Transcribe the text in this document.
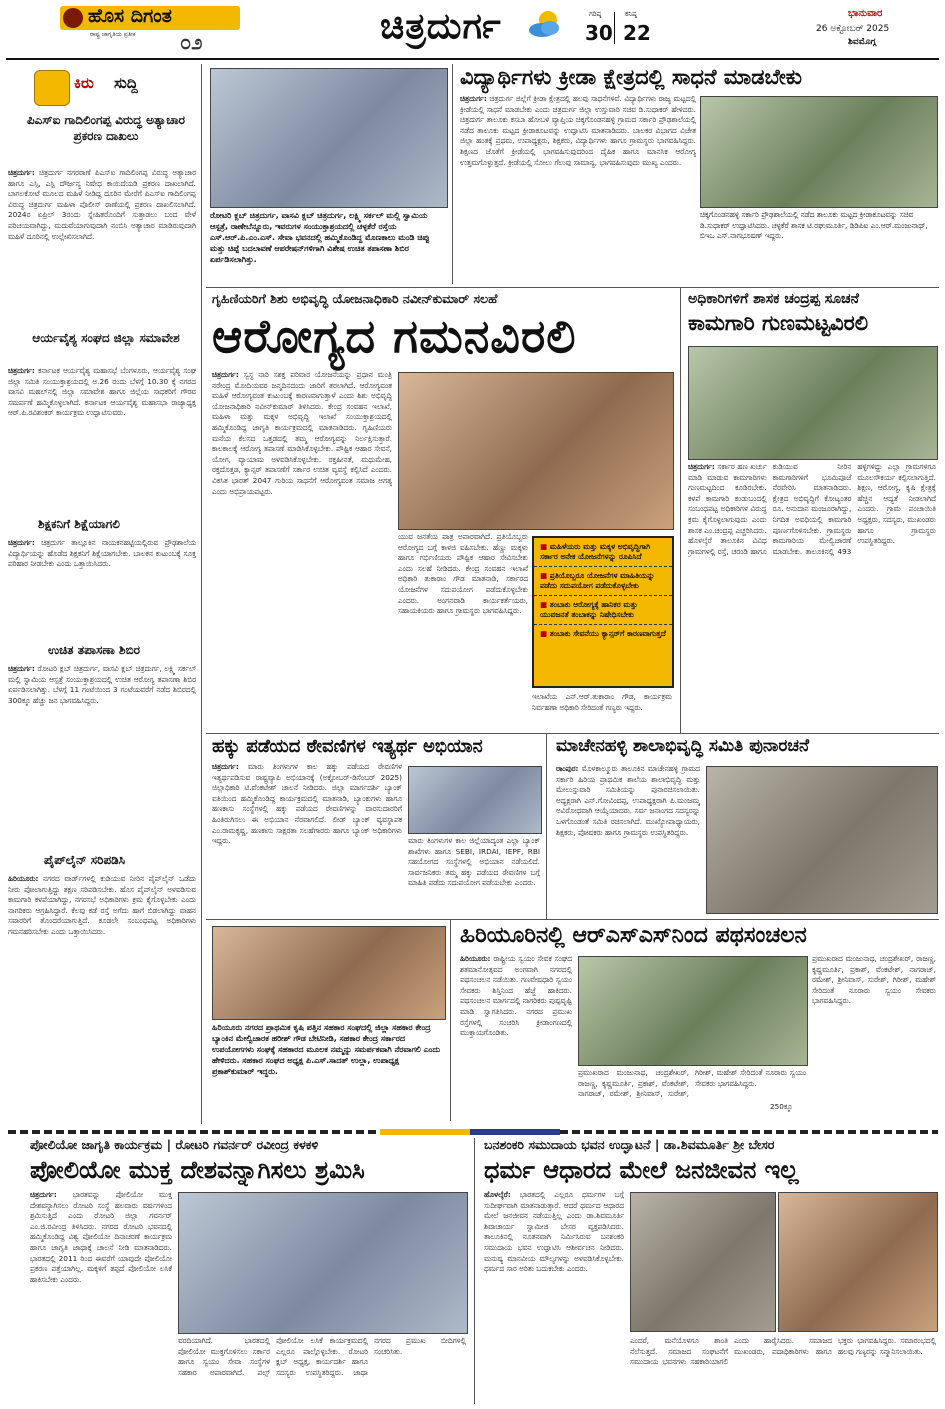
ಹೊಸ ದಿಗಂತ
ರಾಷ್ಟ್ರ ಜಾಗೃತಿಯ ಪ್ರತೀಕ ೦೨	ಚಿತ್ರದುರ್ಗ	ಗರಿಷ್ಠ
30
ಕನಿಷ್ಠ
22
ಭಾನುವಾರ
26 ಅಕ್ಟೋಬರ್ 2025
ಶಿವಮೊಗ್ಗ
ಕಿರು ಸುದ್ದಿ
ಪಿಎಸ್‌ಐ ಗಾದಿಲಿಂಗಪ್ಪ ವಿರುದ್ಧ ಅತ್ಯಾಚಾರ ಪ್ರಕರಣ ದಾಖಲು
ಚಿತ್ರದುರ್ಗ: ಚಿತ್ರದುರ್ಗ ನಗರಠಾಣೆ ಪಿಎಸ್‌ಐ ಗಾದಿಲಿಂಗಪ್ಪ ವಿರುದ್ಧ ಅತ್ಯಾಚಾರ ಹಾಗೂ ಎಸ್ಸಿ, ಎಸ್ಟಿ ದೌರ್ಜನ್ಯ ನಿಷೇಧ ಕಾಯಿದೆಯಡಿ ಪ್ರಕರಣ ದಾಖಲಾಗಿದೆ. ಬಾಗಲಕೋಟೆ ಮೂಲದ ಮಹಿಳೆ ನೀಡಿದ್ದ ದೂರಿನ ಮೇರೆಗೆ ಪಿಎಸ್‌ಐ ಗಾದಿಲಿಂಗಪ್ಪ ವಿರುದ್ಧ ಚಿತ್ರದುರ್ಗ ಮಹಿಳಾ ಪೊಲೀಸ್ ಠಾಣೆಯಲ್ಲಿ ಪ್ರಕರಣ ದಾಖಲಿಸಲಾಗಿದೆ. 2024ರ ಏಪ್ರಿಲ್ 3ರಂದು ಸ್ನೇಹಿತರೊಂದಿಗೆ ಸುತ್ತಾಡಲು ಬಂದ ವೇಳೆ ಪರಿಚಯವಾಗಿದ್ದು, ಮದುವೆಯಾಗುವುದಾಗಿ ನಂಬಿಸಿ ಅತ್ಯಾಚಾರ ಮಾಡಿರುವುದಾಗಿ ಮಹಿಳೆ ದೂರಿನಲ್ಲಿ ಉಲ್ಲೇಖಿಸಲಾಗಿದೆ.
ಆರ್ಯವೈಶ್ಯ ಸಂಘದ ಜಿಲ್ಲಾ ಸಮಾವೇಶ
ಚಿತ್ರದುರ್ಗ: ಕರ್ನಾಟಕ ಆರ್ಯವೈಶ್ಯ ಮಹಾಸಭೆ ಬೆಂಗಳೂರು, ಆರ್ಯವೈಶ್ಯ ಸಂಘ ಜಿಲ್ಲಾ ಸಮಿತಿ ಸಂಯುಕ್ತಾಶ್ರಯದಲ್ಲಿ ಅ.26 ರಂದು ಬೆಳಗ್ಗೆ 10.30 ಕ್ಕೆ ನಗರದ ವಾಸವಿ ಮಹಲ್‌ನಲ್ಲಿ ಜಿಲ್ಲಾ ಸಮಾವೇಶ ಹಾಗೂ ಜಿಲ್ಲೆಯ ಸಾಧಕರಿಗೆ ಗೌರವ ಸಮರ್ಪಣೆ ಹಮ್ಮಿಕೊಳ್ಳಲಾಗಿದೆ. ಕರ್ನಾಟಕ ಆರ್ಯವೈಶ್ಯ ಮಹಾಸಭಾ ರಾಜ್ಯಾಧ್ಯಕ್ಷ ಆರ್.ಪಿ.ರವಿಶಂಕರ್ ಕಾರ್ಯಕ್ರಮ ಉದ್ಘಾಟಿಸುವರು.
ಶಿಕ್ಷಕನಿಗೆ ಶಿಕ್ಷೆಯಾಗಲಿ
ಚಿತ್ರದುರ್ಗ: ಚಿತ್ರದುರ್ಗ ತಾಲ್ಲೂಕಿನ ನಾಯಕನಹಟ್ಟಿಯಲ್ಲಿರುವ ಪ್ರೌಢಶಾಲೆಯ ವಿದ್ಯಾರ್ಥಿಯನ್ನು ಹೊಡೆದ ಶಿಕ್ಷಕನಿಗೆ ಶಿಕ್ಷೆಯಾಗಬೇಕು. ಬಾಲಕನ ಕುಟುಂಬಕ್ಕೆ ಸೂಕ್ತ ಪರಿಹಾರ ನೀಡಬೇಕು ಎಂದು ಒತ್ತಾಯಿಸಿದರು.
ಉಚಿತ ತಪಾಸಣಾ ಶಿಬಿರ
ಚಿತ್ರದುರ್ಗ: ರೋಟರಿ ಕ್ಲಬ್ ಚಿತ್ರದುರ್ಗ, ವಾಸವಿ ಕ್ಲಬ್ ಚಿತ್ರದುರ್ಗ, ಲಕ್ಷ್ಮಿ ಸರ್ಕಲ್ ಮಲ್ಲಿ ಸ್ವಾಮಿಯ ಆಸ್ಪತ್ರೆ ಸಂಯುಕ್ತಾಶ್ರಯದಲ್ಲಿ ಉಚಿತ ಆರೋಗ್ಯ ತಪಾಸಣಾ ಶಿಬಿರ ಏರ್ಪಡಿಸಲಾಗಿತ್ತು. ಬೆಳಗ್ಗೆ 11 ಗಂಟೆಯಿಂದ 3 ಗಂಟೆಯವರೆಗೆ ನಡೆದ ಶಿಬಿರದಲ್ಲಿ 300ಕ್ಕೂ ಹೆಚ್ಚು ಜನ ಭಾಗವಹಿಸಿದ್ದರು.
ಪೈಪ್‌ಲೈನ್ ಸರಿಪಡಿಸಿ
ಹಿರಿಯೂರು: ನಗರದ ವಾರ್ಡ್‌ಗಳಲ್ಲಿ ಕುಡಿಯುವ ನೀರಿನ ಪೈಪ್‌ಲೈನ್ ಒಡೆದು ನೀರು ಪೋಲಾಗುತ್ತಿದ್ದು ತಕ್ಷಣ ಸರಿಪಡಿಸಬೇಕು. ಹೊಸ ಪೈಪ್‌ಲೈನ್ ಅಳವಡಿಸುವ ಕಾಮಗಾರಿ ಕಳಪೆಯಾಗಿದ್ದು, ನಗರಸಭೆ ಅಧಿಕಾರಿಗಳು ಕ್ರಮ ಕೈಗೊಳ್ಳಬೇಕು ಎಂದು ನಾಗರಿಕರು ಆಗ್ರಹಿಸಿದ್ದಾರೆ. ಕೆಲವು ಕಡೆ ರಸ್ತೆ ಅಗೆದು ಹಾಗೆ ಬಿಡಲಾಗಿದ್ದು ವಾಹನ ಸವಾರರಿಗೆ ತೊಂದರೆಯಾಗುತ್ತಿದೆ. ಕೂಡಲೇ ಸಂಬಂಧಪಟ್ಟ ಅಧಿಕಾರಿಗಳು ಗಮನಹರಿಸಬೇಕು ಎಂದು ಒತ್ತಾಯಿಸಿದರು.
ರೋಟರಿ ಕ್ಲಬ್ ಚಿತ್ರದುರ್ಗ, ವಾಸವಿ ಕ್ಲಬ್ ಚಿತ್ರದುರ್ಗ, ಲಕ್ಷ್ಮಿ ಸರ್ಕಲ್ ಮಲ್ಲಿ ಸ್ವಾಮಿಯ ಆಸ್ಪತ್ರೆ, ರಾಣೇಬೆನ್ನೂರು, ಇವರುಗಳ ಸಂಯುಕ್ತಾಶ್ರಯದಲ್ಲಿ ಚಳ್ಳಕೆರೆ ರಸ್ತೆಯ ಎಸ್.ಆರ್.ಪಿ.ಎಂ.ಎಸ್. ಸೇವಾ ಭವನದಲ್ಲಿ ಹಮ್ಮಿಕೊಂಡಿದ್ದ ಮೊಣಕಾಲು ಮಂಡಿ ಚಿಪ್ಪು ಮತ್ತು ಚಿಪ್ಪೆ ಬದಲಾವಣೆ ಆಪರೇಷನ್‌ಗಳಿಗಾಗಿ ವಿಶೇಷ ಉಚಿತ ತಪಾಸಣಾ ಶಿಬಿರ ಏರ್ಪಡಿಸಲಾಗಿತ್ತು.
ವಿದ್ಯಾರ್ಥಿಗಳು ಕ್ರೀಡಾ ಕ್ಷೇತ್ರದಲ್ಲಿ ಸಾಧನೆ ಮಾಡಬೇಕು
ಚಿತ್ರದುರ್ಗ: ಚಿತ್ರದುರ್ಗ ಜಿಲ್ಲೆಗೆ ಕ್ರೀಡಾ ಕ್ಷೇತ್ರದಲ್ಲಿ ಹಲವು ಸಾಧನೆಗಳಿವೆ. ವಿದ್ಯಾರ್ಥಿಗಳು ರಾಜ್ಯ ಮಟ್ಟದಲ್ಲಿ ಕ್ರೀಡೆಯಲ್ಲಿ ಸಾಧನೆ ಮಾಡಬೇಕು ಎಂದು ಚಿತ್ರದುರ್ಗ ಜಿಲ್ಲಾ ಉಸ್ತುವಾರಿ ಸಚಿವ ಡಿ.ಸುಧಾಕರ್ ಹೇಳಿದರು. ಚಿತ್ರದುರ್ಗ ತಾಲೂಕು ಕಸಬಾ ಹೋಬಳಿ ವ್ಯಾಪ್ತಿಯ ಚಿಕ್ಕಗೊಂಡನಹಳ್ಳಿ ಗ್ರಾಮದ ಸರ್ಕಾರಿ ಪ್ರೌಢಶಾಲೆಯಲ್ಲಿ ನಡೆದ ತಾಲೂಕು ಮಟ್ಟದ ಕ್ರೀಡಾಕೂಟವನ್ನು ಉದ್ಘಾಟಿಸಿ ಮಾತನಾಡಿದರು. ಬಾಲಕರ ವಿಭಾಗದ ವಿಜೇತ ಜಿಲ್ಲಾ ಹಂತಕ್ಕೆ ಪ್ರಥಮ, ಉಪಾಧ್ಯಕ್ಷರು, ಶಿಕ್ಷಕರು, ವಿದ್ಯಾರ್ಥಿಗಳು ಹಾಗೂ ಗ್ರಾಮಸ್ಥರು ಭಾಗವಹಿಸಿದ್ದರು. ಶಿಕ್ಷಣದ ಜೊತೆಗೆ ಕ್ರೀಡೆಯಲ್ಲಿ ಭಾಗವಹಿಸುವುದರಿಂದ ದೈಹಿಕ ಹಾಗೂ ಮಾನಸಿಕ ಆರೋಗ್ಯ ಉತ್ತಮಗೊಳ್ಳುತ್ತದೆ. ಕ್ರೀಡೆಯಲ್ಲಿ ಸೋಲು ಗೆಲುವು ಸಾಮಾನ್ಯ, ಭಾಗವಹಿಸುವುದು ಮುಖ್ಯ ಎಂದರು.
ಚಿಕ್ಕಗೊಂಡನಹಳ್ಳಿ ಸರ್ಕಾರಿ ಪ್ರೌಢಶಾಲೆಯಲ್ಲಿ ನಡೆದ ತಾಲೂಕು ಮಟ್ಟದ ಕ್ರೀಡಾಕೂಟವನ್ನು ಸಚಿವ ಡಿ.ಸುಧಾಕರ್ ಉದ್ಘಾಟಿಸಿದರು. ಚಳ್ಳಕೆರೆ ಶಾಸಕ ಟಿ.ರಘುಮೂರ್ತಿ, ಡಿಡಿಪಿಐ ಎಂ.ಆರ್.ಮಂಜುನಾಥ್, ಬಿಇಒ ಎಸ್.ನಾಗಭೂಷಣ್ ಇದ್ದರು.
ಗೃಹಿಣಿಯರಿಗೆ ಶಿಶು ಅಭಿವೃದ್ಧಿ ಯೋಜನಾಧಿಕಾರಿ ನವೀನ್‌ಕುಮಾರ್ ಸಲಹೆ
ಆರೋಗ್ಯದ ಗಮನವಿರಲಿ
ಚಿತ್ರದುರ್ಗ: ಸ್ವಸ್ಥ ನಾರಿ ಸಶಕ್ತ ಪರಿವಾರ ಯೋಜನೆಯನ್ನು ಪ್ರಧಾನ ಮಂತ್ರಿ ನರೇಂದ್ರ ಮೋದಿಯವರ ಜನ್ಮದಿನದಂದು ಜಾರಿಗೆ ತರಲಾಗಿದೆ. ಆರೋಗ್ಯವಂತ ಮಹಿಳೆ ಆರೋಗ್ಯವಂತ ಕುಟುಂಬಕ್ಕೆ ಕಾರಣವಾಗುತ್ತಾಳೆ ಎಂದು ಶಿಶು ಅಭಿವೃದ್ಧಿ ಯೋಜನಾಧಿಕಾರಿ ನವೀನ್‌ಕುಮಾರ್ ತಿಳಿಸಿದರು. ಕೇಂದ್ರ ಸಂವಹನ ಇಲಾಖೆ, ಮಹಿಳಾ ಮತ್ತು ಮಕ್ಕಳ ಅಭಿವೃದ್ಧಿ ಇಲಾಖೆ ಸಂಯುಕ್ತಾಶ್ರಯದಲ್ಲಿ ಹಮ್ಮಿಕೊಂಡಿದ್ದ ಜಾಗೃತಿ ಕಾರ್ಯಕ್ರಮದಲ್ಲಿ ಮಾತನಾಡಿದರು. ಗೃಹಿಣಿಯರು ಮನೆಯ ಕೆಲಸದ ಒತ್ತಡದಲ್ಲಿ ತಮ್ಮ ಆರೋಗ್ಯವನ್ನು ನಿರ್ಲಕ್ಷಿಸುತ್ತಾರೆ. ಕಾಲಕಾಲಕ್ಕೆ ಆರೋಗ್ಯ ತಪಾಸಣೆ ಮಾಡಿಸಿಕೊಳ್ಳಬೇಕು. ಪೌಷ್ಟಿಕ ಆಹಾರ ಸೇವನೆ, ಯೋಗ, ವ್ಯಾಯಾಮ ಅಳವಡಿಸಿಕೊಳ್ಳಬೇಕು. ರಕ್ತಹೀನತೆ, ಮಧುಮೇಹ, ರಕ್ತದೊತ್ತಡ, ಕ್ಯಾನ್ಸರ್ ತಪಾಸಣೆಗೆ ಸರ್ಕಾರ ಉಚಿತ ವ್ಯವಸ್ಥೆ ಕಲ್ಪಿಸಿದೆ ಎಂದರು. ವಿಕಸಿತ ಭಾರತ್ 2047 ಗುರಿಯ ಸಾಧನೆಗೆ ಆರೋಗ್ಯವಂತ ಸಮಾಜ ಅಗತ್ಯ ಎಂದು ಅಭಿಪ್ರಾಯಪಟ್ಟರು.
ಯುವ ಜನತೆಯ ಪಾತ್ರ ಅಪಾರವಾಗಿದೆ. ಪ್ರತಿಯೊಬ್ಬರು ಆರೋಗ್ಯದ ಬಗ್ಗೆ ಕಾಳಜಿ ವಹಿಸಬೇಕು. ಹೆಣ್ಣು ಮಕ್ಕಳು ಹಾಗೂ ಗರ್ಭಿಣಿಯರು ಪೌಷ್ಟಿಕ ಆಹಾರ ಸೇವಿಸಬೇಕು ಎಂದು ಸಲಹೆ ನೀಡಿದರು. ಕೇಂದ್ರ ಸಂವಹನ ಇಲಾಖೆ ಅಧಿಕಾರಿ ತುಕಾರಾಂ ಗೌಡ ಮಾತನಾಡಿ, ಸರ್ಕಾರದ ಯೋಜನೆಗಳ ಸದುಪಯೋಗ ಪಡೆದುಕೊಳ್ಳಬೇಕು ಎಂದರು. ಅಂಗನವಾಡಿ ಕಾರ್ಯಕರ್ತೆಯರು, ಸಹಾಯಕಿಯರು ಹಾಗೂ ಗ್ರಾಮಸ್ಥರು ಭಾಗವಹಿಸಿದ್ದರು.
■ ಮಹಿಳೆಯರು ಮತ್ತು ಮಕ್ಕಳ ಅಭಿವೃದ್ಧಿಗಾಗಿ ಸರ್ಕಾರ ಅನೇಕ ಯೋಜನೆಗಳನ್ನು ರೂಪಿಸಿದೆ
■ ಪ್ರತಿಯೊಬ್ಬರೂ ಯೋಜನೆಗಳ ಮಾಹಿತಿಯನ್ನು ಪಡೆದು ಸದುಪಯೋಗ ಪಡೆದುಕೊಳ್ಳಬೇಕು
■ ತಂಬಾಕು ಆರೋಗ್ಯಕ್ಕೆ ಹಾನಿಕರ ಮತ್ತು ಯುವಜನತೆ ತಂಬಾಕನ್ನು ನಿಷೇಧಿಸಬೇಕು
■ ತಂಬಾಕು ಸೇವನೆಯು ಕ್ಯಾನ್ಸರ್‌ಗೆ ಕಾರಣವಾಗುತ್ತದೆ
ಇಲಾಖೆಯ ಎನ್.ಆರ್.ತುಕಾರಾಂ ಗೌಡ, ಕಾರ್ಯಕ್ರಮ ನಿರ್ವಹಣಾ ಅಧಿಕಾರಿ ಸೇರಿದಂತೆ ಗಣ್ಯರು ಇದ್ದರು.
ಅಧಿಕಾರಿಗಳಿಗೆ ಶಾಸಕ ಚಂದ್ರಪ್ಪ ಸೂಚನೆ
ಕಾಮಗಾರಿ ಗುಣಮಟ್ಟವಿರಲಿ
ಚಿತ್ರದುರ್ಗ: ಸರ್ಕಾರ ಹಣ ಖರ್ಚು ಮಾಡಿ ಮಾಡುವ ಕಾಮಗಾರಿಗಳು ಗುಣಮಟ್ಟದಿಂದ ಕೂಡಿರಬೇಕು. ಕಳಪೆ ಕಾಮಗಾರಿ ಕಂಡುಬಂದಲ್ಲಿ ಸಂಬಂಧಪಟ್ಟ ಅಧಿಕಾರಿಗಳ ವಿರುದ್ಧ ಕ್ರಮ ಕೈಗೊಳ್ಳಲಾಗುವುದು ಎಂದು ಶಾಸಕ ಎಂ.ಚಂದ್ರಪ್ಪ ಎಚ್ಚರಿಸಿದರು. ಹೊಳಲ್ಕೆರೆ ತಾಲೂಕಿನ ವಿವಿಧ ಗ್ರಾಮಗಳಲ್ಲಿ ರಸ್ತೆ, ಚರಂಡಿ ಹಾಗೂ ಕುಡಿಯುವ ನೀರಿನ ಕಾಮಗಾರಿಗಳಿಗೆ ಭೂಮಿಪೂಜೆ ನೆರವೇರಿಸಿ ಮಾತನಾಡಿದರು. ಕ್ಷೇತ್ರದ ಅಭಿವೃದ್ಧಿಗೆ ಕೋಟ್ಯಂತರ ರೂ. ಅನುದಾನ ಮಂಜೂರಾಗಿದ್ದು, ನಿಗದಿತ ಅವಧಿಯಲ್ಲಿ ಕಾಮಗಾರಿ ಪೂರ್ಣಗೊಳಿಸಬೇಕು. ಗ್ರಾಮಸ್ಥರು ಕಾಮಗಾರಿಯ ಮೇಲ್ವಿಚಾರಣೆ ಮಾಡಬೇಕು. ತಾಲೂಕಿನಲ್ಲಿ 493 ಹಳ್ಳಿಗಳಿದ್ದು ಎಲ್ಲಾ ಗ್ರಾಮಗಳಿಗೂ ಮೂಲಸೌಕರ್ಯ ಕಲ್ಪಿಸಲಾಗುತ್ತಿದೆ. ಶಿಕ್ಷಣ, ಆರೋಗ್ಯ, ಕೃಷಿ ಕ್ಷೇತ್ರಕ್ಕೆ ಹೆಚ್ಚಿನ ಆದ್ಯತೆ ನೀಡಲಾಗಿದೆ ಎಂದರು. ಗ್ರಾಮ ಪಂಚಾಯಿತಿ ಅಧ್ಯಕ್ಷರು, ಸದಸ್ಯರು, ಮುಖಂಡರು ಹಾಗೂ ಗ್ರಾಮಸ್ಥರು ಉಪಸ್ಥಿತರಿದ್ದರು.
ಹಕ್ಕು ಪಡೆಯದ ಠೇವಣಿಗಳ ಇತ್ಯರ್ಥ ಅಭಿಯಾನ
ಚಿತ್ರದುರ್ಗ: ಮಾರು ತಿಂಗಳುಗಳ ಕಾಲ ಹಕ್ಕು ಪಡೆಯದ ಠೇವಣಿಗಳ ಇತ್ಯರ್ಥಪಡಿಸುವ ರಾಷ್ಟ್ರವ್ಯಾಪಿ ಅಭಿಯಾನಕ್ಕೆ (ಅಕ್ಟೋಬರ್-ಡಿಸೆಂಬರ್ 2025) ಜಿಲ್ಲಾಧಿಕಾರಿ ಟಿ.ವೆಂಕಟೇಶ್ ಚಾಲನೆ ನೀಡಿದರು. ಜಿಲ್ಲಾ ಮಾರ್ಗದರ್ಶಿ ಬ್ಯಾಂಕ್ ವತಿಯಿಂದ ಹಮ್ಮಿಕೊಂಡಿದ್ದ ಕಾರ್ಯಕ್ರಮದಲ್ಲಿ ಮಾತನಾಡಿ, ಬ್ಯಾಂಕುಗಳು ಹಾಗೂ ಹಣಕಾಸು ಸಂಸ್ಥೆಗಳಲ್ಲಿ ಹಕ್ಕು ಪಡೆಯದ ಠೇವಣಿಗಳನ್ನು ವಾರಸುದಾರರಿಗೆ ಹಿಂತಿರುಗಿಸಲು ಈ ಅಭಿಯಾನ ನೆರವಾಗಲಿದೆ. ಲೀಡ್ ಬ್ಯಾಂಕ್ ವ್ಯವಸ್ಥಾಪಕ ಎಂ.ರಾಮಕೃಷ್ಣ, ಹಣಕಾಸು ಸಾಕ್ಷರತಾ ಸಲಹೆಗಾರರು ಹಾಗೂ ಬ್ಯಾಂಕ್ ಅಧಿಕಾರಿಗಳು ಇದ್ದರು.	ಮಾರು ತಿಂಗಳುಗಳ ಕಾಲ ಜಿಲ್ಲೆಯಾದ್ಯಂತ ಎಲ್ಲಾ ಬ್ಯಾಂಕ್ ಶಾಖೆಗಳು ಹಾಗೂ SEBI, IRDAI, IEPF, RBI ಸಹಯೋಗದ ಸಂಸ್ಥೆಗಳಲ್ಲಿ ಅಭಿಯಾನ ನಡೆಯಲಿದೆ. ಸಾರ್ವಜನಿಕರು ತಮ್ಮ ಹಕ್ಕು ಪಡೆಯದ ಠೇವಣಿಗಳ ಬಗ್ಗೆ ಮಾಹಿತಿ ಪಡೆದು ಸದುಪಯೋಗ ಪಡೆಯಬೇಕು ಎಂದರು.
ಮಾಚೇನಹಳ್ಳಿ ಶಾಲಾಭಿವೃದ್ಧಿ ಸಮಿತಿ ಪುನಾರಚನೆ
ರಾಂಪುರ: ಮೊಳಕಾಲ್ಮೂರು ತಾಲೂಕಿನ ಮಾಚೇನಹಳ್ಳಿ ಗ್ರಾಮದ ಸರ್ಕಾರಿ ಹಿರಿಯ ಪ್ರಾಥಮಿಕ ಶಾಲೆಯ ಶಾಲಾಭಿವೃದ್ಧಿ ಮತ್ತು ಮೇಲುಸ್ತುವಾರಿ ಸಮಿತಿಯನ್ನು ಪುನಾರಚಿಸಲಾಯಿತು. ಅಧ್ಯಕ್ಷರಾಗಿ ಎನ್.ಗೋವಿಂದಪ್ಪ, ಉಪಾಧ್ಯಕ್ಷರಾಗಿ ಪಿ.ಮಂಜಮ್ಮ ಅವಿರೋಧವಾಗಿ ಆಯ್ಕೆಯಾದರು. ಸರ್ವ ಜನಾಂಗದ ಸದಸ್ಯರನ್ನು ಒಳಗೊಂಡಂತೆ ಸಮಿತಿ ರಚಿಸಲಾಗಿದೆ. ಮುಖ್ಯೋಪಾಧ್ಯಾಯರು, ಶಿಕ್ಷಕರು, ಪೋಷಕರು ಹಾಗೂ ಗ್ರಾಮಸ್ಥರು ಉಪಸ್ಥಿತರಿದ್ದರು.
ಹಿರಿಯೂರು ನಗರದ ಪ್ರಾಥಮಿಕ ಕೃಷಿ ಪತ್ತಿನ ಸಹಕಾರ ಸಂಘದಲ್ಲಿ ಜಿಲ್ಲಾ ಸಹಕಾರ ಕೇಂದ್ರ ಬ್ಯಾಂಕಿನ ಮೇಲ್ವಿಚಾರಕ ಹರೀಶ್ ಗೌಡ ಬೇಟಿನೀಡಿ, ಸಹಕಾರ ಕೇಂದ್ರ ಸರ್ಕಾರದ ಉಪಯೋಗಗಳು ಸಂಘಕ್ಕೆ ಸಹಕಾರದ ಮೂಲಕ ನಮ್ಮನ್ನು ಸಮರ್ಪಕವಾಗಿ ನೆರವಾಗಲಿ ಎಂದು ಹೇಳಿದರು. ಸಹಕಾರ ಸಂಘದ ಅಧ್ಯಕ್ಷ ಪಿ.ಎಸ್.ಸಾದತ್ ಉಲ್ಲಾ, ಉಪಾಧ್ಯಕ್ಷ ಪ್ರಕಾಶ್‌ಕುಮಾರ್ ಇದ್ದರು.
ಹಿರಿಯೂರಿನಲ್ಲಿ ಆರ್‌ಎಸ್‌ಎಸ್‌ನಿಂದ ಪಥಸಂಚಲನ
ಹಿರಿಯೂರು: ರಾಷ್ಟ್ರೀಯ ಸ್ವಯಂ ಸೇವಕ ಸಂಘದ ಶತಮಾನೋತ್ಸವದ ಅಂಗವಾಗಿ ನಗರದಲ್ಲಿ ಪಥಸಂಚಲನ ನಡೆಯಿತು. ಗಣವೇಷಧಾರಿ ಸ್ವಯಂ ಸೇವಕರು ಶಿಸ್ತಿನಿಂದ ಹೆಜ್ಜೆ ಹಾಕಿದರು. ಪಥಸಂಚಲನ ಮಾರ್ಗದಲ್ಲಿ ನಾಗರಿಕರು ಪುಷ್ಪವೃಷ್ಟಿ ಮಾಡಿ ಸ್ವಾಗತಿಸಿದರು. ನಗರದ ಪ್ರಮುಖ ರಸ್ತೆಗಳಲ್ಲಿ ಸಂಚರಿಸಿ ಕ್ರೀಡಾಂಗಣದಲ್ಲಿ ಮುಕ್ತಾಯಗೊಂಡಿತು.
ಪ್ರಮುಖರಾದ ಮಂಜುನಾಥ, ಚಂದ್ರಶೇಖರ್, ರಾಜಣ್ಣ, ಕೃಷ್ಣಮೂರ್ತಿ, ಪ್ರಕಾಶ್, ವೆಂಕಟೇಶ್, ನಾಗರಾಜ್, ರಮೇಶ್, ಶ್ರೀನಿವಾಸ್, ಸುರೇಶ್, ಗಿರೀಶ್, ಮಹೇಶ್ ಸೇರಿದಂತೆ ನೂರಾರು ಸ್ವಯಂ ಸೇವಕರು ಭಾಗವಹಿಸಿದ್ದರು.
250ಕ್ಕೂ
ಪ್ರಮುಖರಾದ ಮಂಜುನಾಥ, ಚಂದ್ರಶೇಖರ್, ರಾಜಣ್ಣ, ಕೃಷ್ಣಮೂರ್ತಿ, ಪ್ರಕಾಶ್, ವೆಂಕಟೇಶ್, ನಾಗರಾಜ್, ರಮೇಶ್, ಶ್ರೀನಿವಾಸ್, ಸುರೇಶ್, ಗಿರೀಶ್, ಮಹೇಶ್ ಸೇರಿದಂತೆ ನೂರಾರು ಸ್ವಯಂ ಸೇವಕರು ಭಾಗವಹಿಸಿದ್ದರು.
ಪೋಲಿಯೋ ಜಾಗೃತಿ ಕಾರ್ಯಕ್ರಮ | ರೋಟರಿ ಗವರ್ನರ್ ರವೀಂದ್ರ ಕಳಕಳಿ
ಪೋಲಿಯೋ ಮುಕ್ತ ದೇಶವನ್ನಾಗಿಸಲು ಶ್ರಮಿಸಿ
ಚಿತ್ರದುರ್ಗ: ಭಾರತವನ್ನು ಪೋಲಿಯೋ ಮುಕ್ತ ದೇಶವನ್ನಾಗಿಸಲು ರೋಟರಿ ಸಂಸ್ಥೆ ಹಲವಾರು ವರ್ಷಗಳಿಂದ ಶ್ರಮಿಸುತ್ತಿದೆ ಎಂದು ರೋಟರಿ ಜಿಲ್ಲಾ ಗವರ್ನರ್ ಎಂ.ಜಿ.ರವೀಂದ್ರ ತಿಳಿಸಿದರು. ನಗರದ ರೋಟರಿ ಭವನದಲ್ಲಿ ಹಮ್ಮಿಕೊಂಡಿದ್ದ ವಿಶ್ವ ಪೋಲಿಯೋ ದಿನಾಚರಣೆ ಕಾರ್ಯಕ್ರಮ ಹಾಗೂ ಜಾಗೃತಿ ಜಾಥಾಕ್ಕೆ ಚಾಲನೆ ನೀಡಿ ಮಾತನಾಡಿದರು. ಭಾರತದಲ್ಲಿ 2011 ರಿಂದ ಈವರೆಗೆ ಯಾವುದೇ ಪೋಲಿಯೋ ಪ್ರಕರಣ ಪತ್ತೆಯಾಗಿಲ್ಲ. ಮಕ್ಕಳಿಗೆ ತಪ್ಪದೆ ಪೋಲಿಯೋ ಲಸಿಕೆ ಹಾಕಿಸಬೇಕು ಎಂದರು.
ವರದಿಯಾಗಿದೆ. ಭಾರತದಲ್ಲಿ ಪೋಲಿಯೋ ಮುಕ್ತಗೊಳಿಸಲು ಸರ್ಕಾರ ಹಾಗೂ ಸ್ವಯಂ ಸೇವಾ ಸಂಸ್ಥೆಗಳ ಸಹಕಾರ ಅಪಾರವಾಗಿದೆ. ಪಲ್ಸ್ ಪೋಲಿಯೋ ಲಸಿಕೆ ಕಾರ್ಯಕ್ರಮದಲ್ಲಿ ಎಲ್ಲರೂ ಪಾಲ್ಗೊಳ್ಳಬೇಕು. ರೋಟರಿ ಕ್ಲಬ್ ಅಧ್ಯಕ್ಷ, ಕಾರ್ಯದರ್ಶಿ ಹಾಗೂ ಸದಸ್ಯರು ಉಪಸ್ಥಿತರಿದ್ದರು. ಜಾಥಾ ನಗರದ ಪ್ರಮುಖ ಬೀದಿಗಳಲ್ಲಿ ಸಂಚರಿಸಿತು.
ಬನಶಂಕರಿ ಸಮುದಾಯ ಭವನ ಉದ್ಘಾಟನೆ | ಡಾ.ಶಿವಮೂರ್ತಿ ಶ್ರೀ ಬೇಸರ
ಧರ್ಮ ಆಧಾರದ ಮೇಲೆ ಜನಜೀವನ ಇಲ್ಲ
ಹೊಳಲ್ಕೆರೆ: ಭಾರತದಲ್ಲಿ ಎಲ್ಲರೂ ಧರ್ಮಗಳ ಬಗ್ಗೆ ಸುದೀರ್ಘವಾಗಿ ಮಾತನಾಡುತ್ತಾರೆ. ಆದರೆ ಧರ್ಮದ ಆಧಾರದ ಮೇಲೆ ಜನಜೀವನ ನಡೆಯುತ್ತಿಲ್ಲ ಎಂದು ಡಾ.ಶಿವಮೂರ್ತಿ ಶಿವಾಚಾರ್ಯ ಸ್ವಾಮೀಜಿ ಬೇಸರ ವ್ಯಕ್ತಪಡಿಸಿದರು. ತಾಲೂಕಿನಲ್ಲಿ ನೂತನವಾಗಿ ನಿರ್ಮಿಸಿರುವ ಬನಶಂಕರಿ ಸಮುದಾಯ ಭವನ ಉದ್ಘಾಟಿಸಿ ಆಶೀರ್ವಚನ ನೀಡಿದರು. ಮನುಷ್ಯ ಮಾನವೀಯ ಮೌಲ್ಯಗಳನ್ನು ಅಳವಡಿಸಿಕೊಳ್ಳಬೇಕು. ಧರ್ಮದ ಸಾರ ಅರಿತು ಬದುಕಬೇಕು ಎಂದರು.
ಎಂದರೆ, ಮನೆಯೊಳಗೂ ಶಾಂತಿ ನೆಲೆಸುತ್ತದೆ. ಸಮಾಜದ ಸಂಘಟನೆಗೆ ಸಮುದಾಯ ಭವನಗಳು ಸಹಕಾರಿಯಾಗಲಿ ಎಂದು ಹಾರೈಸಿದರು. ಸಮಾಜದ ಮುಖಂಡರು, ಪದಾಧಿಕಾರಿಗಳು ಹಾಗೂ ಭಕ್ತರು ಭಾಗವಹಿಸಿದ್ದರು. ಸಮಾರಂಭದಲ್ಲಿ ಹಲವು ಗಣ್ಯರನ್ನು ಸನ್ಮಾನಿಸಲಾಯಿತು.
